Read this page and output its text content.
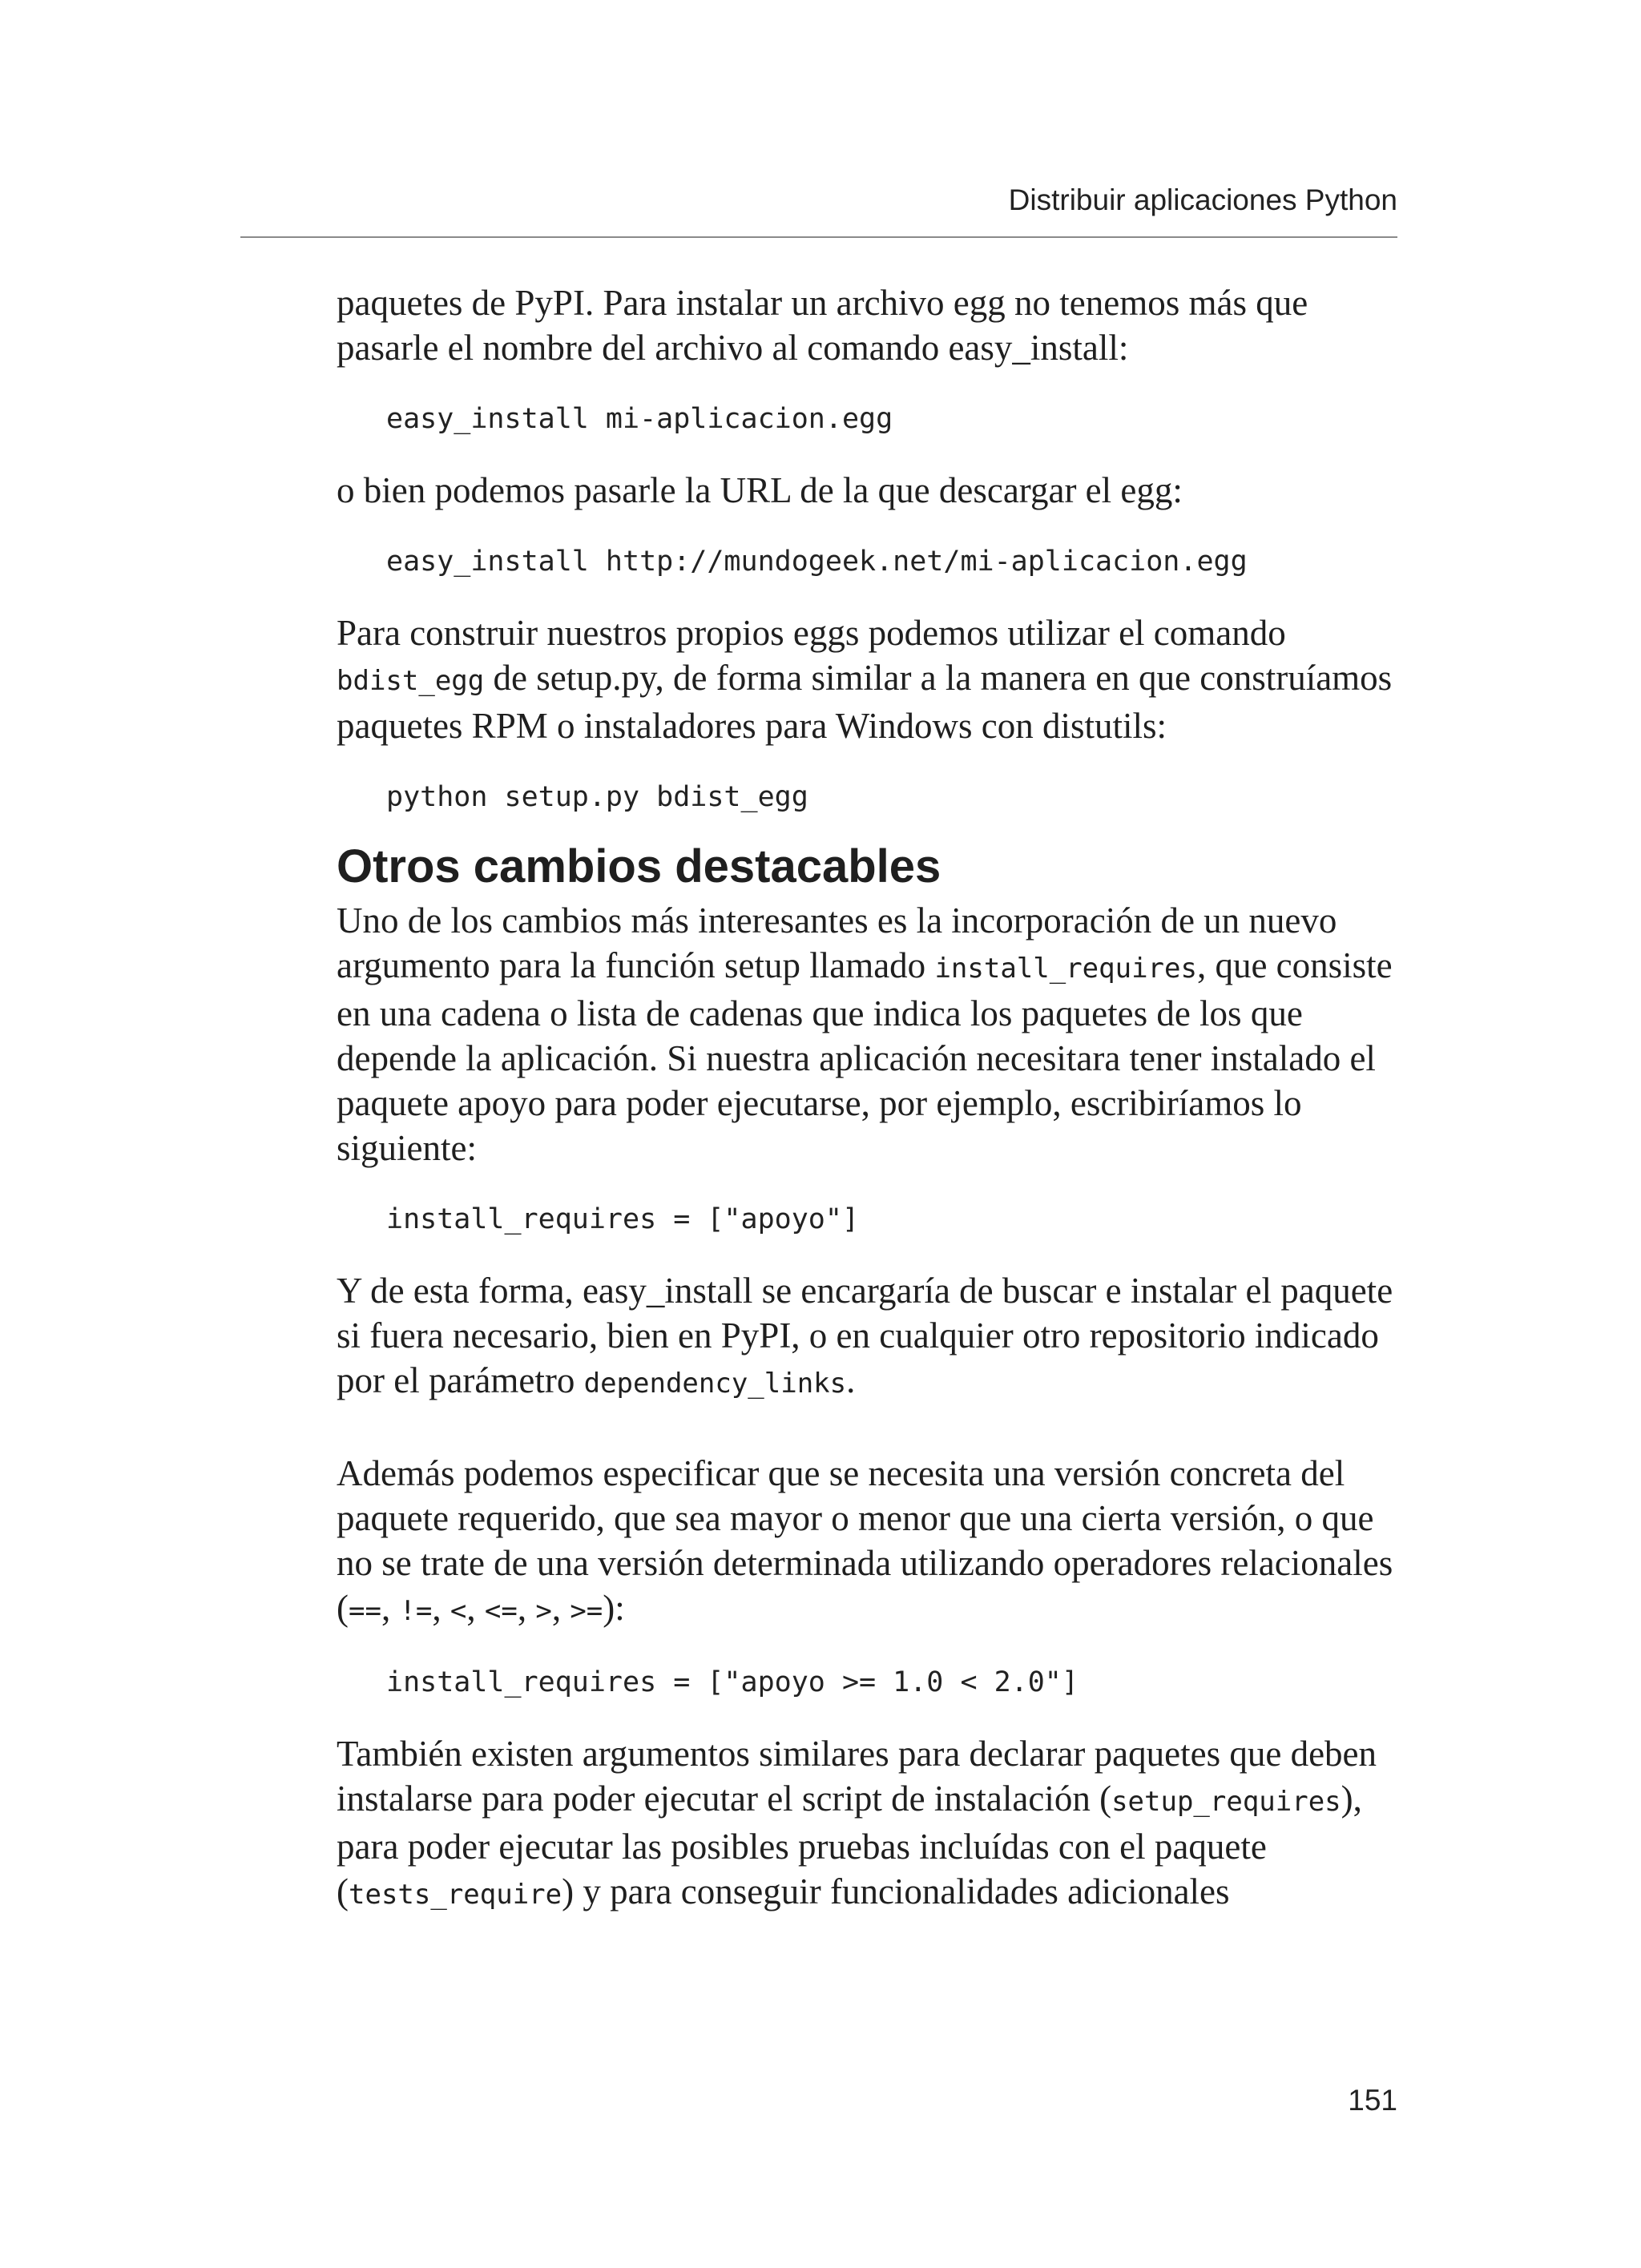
Distribuir aplicaciones Python

paquetes de PyPI. Para instalar un archivo egg no tenemos más que pasarle el nombre del archivo al comando easy_install:

easy_install mi-aplicacion.egg

o bien podemos pasarle la URL de la que descargar el egg:

easy_install http://mundogeek.net/mi-aplicacion.egg

Para construir nuestros propios eggs podemos utilizar el comando bdist_egg de setup.py, de forma similar a la manera en que construíamos paquetes RPM o instaladores para Windows con distutils:

python setup.py bdist_egg
Otros cambios destacables

Uno de los cambios más interesantes es la incorporación de un nuevo argumento para la función setup llamado install_requires, que consiste en una cadena o lista de cadenas que indica los paquetes de los que depende la aplicación. Si nuestra aplicación necesitara tener instalado el paquete apoyo para poder ejecutarse, por ejemplo, escribiríamos lo siguiente:

install_requires = ["apoyo"]

Y de esta forma, easy_install se encargaría de buscar e instalar el paquete si fuera necesario, bien en PyPI, o en cualquier otro repositorio indicado por el parámetro dependency_links.

Además podemos especificar que se necesita una versión concreta del paquete requerido, que sea mayor o menor que una cierta versión, o que no se trate de una versión determinada utilizando operadores relacionales (==, !=, <, <=, >, >=):

install_requires = ["apoyo >= 1.0 < 2.0"]

También existen argumentos similares para declarar paquetes que deben instalarse para poder ejecutar el script de instalación (setup_requires), para poder ejecutar las posibles pruebas incluídas con el paquete (tests_require) y para conseguir funcionalidades adicionales

151
